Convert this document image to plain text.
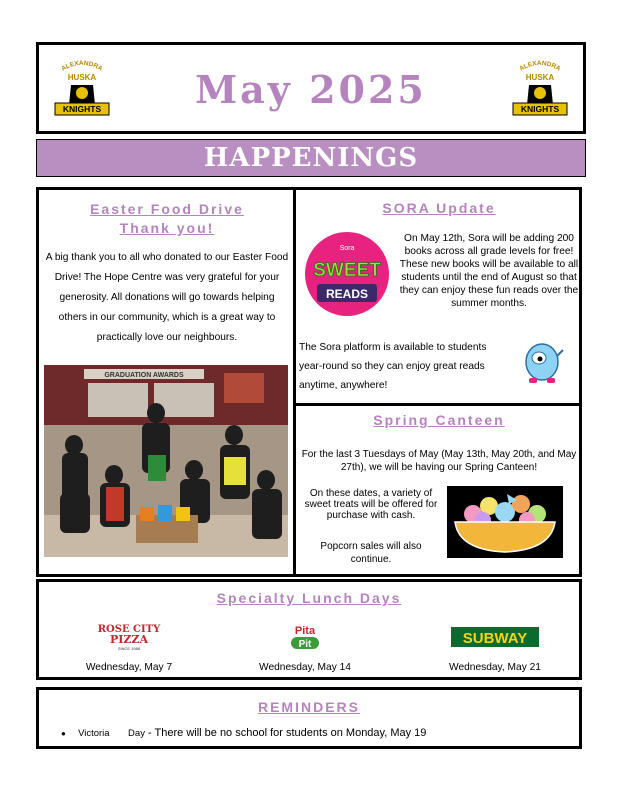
ALEXANDRA
HUSKA
KNIGHTS	May 2025	ALEXANDRA
HUSKA
KNIGHTS
HAPPENINGS
Easter Food Drive
Thank you!
A big thank you to all who donated to our Easter Food Drive! The Hope Centre was very grateful for your generosity. All donations will go towards helping others in our community, which is a great way to practically love our neighbours.
GRADUATION AWARDS
SORA Update
Sora
SWEET
READS
On May 12th, Sora will be adding 200 books across all grade levels for free! These new books will be available to all students until the end of August so that they can enjoy these fun reads over the summer months.
The Sora platform is available to students year-round so they can enjoy great reads anytime, anywhere!
Spring Canteen
For the last 3 Tuesdays of May (May 13th, May 20th, and May 27th), we will be having our Spring Canteen!
On these dates, a variety of sweet treats will be offered for purchase with cash.
Popcorn sales will also continue.
Specialty Lunch Days
ROSE CITY
PIZZA
SINCE 1988
Wednesday, May 7
Pita
Pit
Wednesday, May 14
SUBWAY
Wednesday, May 21
REMINDERS
● Victoria       Day - There will be no school for students on Monday, May 19
